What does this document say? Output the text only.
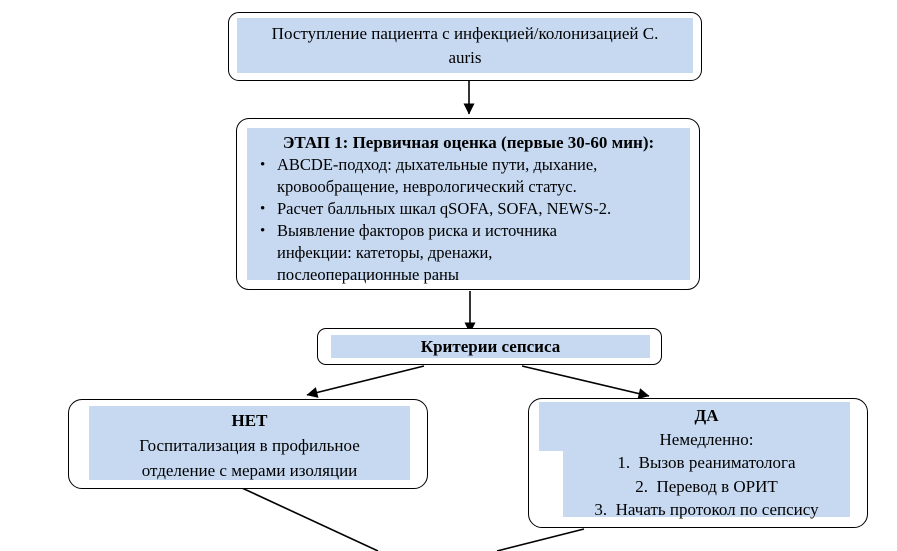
Поступление пациента с инфекцией/колонизацией C. auris

ЭТАП 1: Первичная оценка (первые 30-60 мин):

• ABCDE-подход: дыхательные пути, дыхание, кровообращение, неврологический статус.
• Расчет балльных шкал qSOFA, SOFA, NEWS-2.
• Выявление факторов риска и источника инфекции: катеторы, дренажи, послеоперационные раны

Критерии сепсиса

НЕТ

Госпитализация в профильное отделение с мерами изоляции

ДА

Немедленно:

1.  Вызов реаниматолога

2.  Перевод в ОРИТ

3.  Начать протокол по сепсису
